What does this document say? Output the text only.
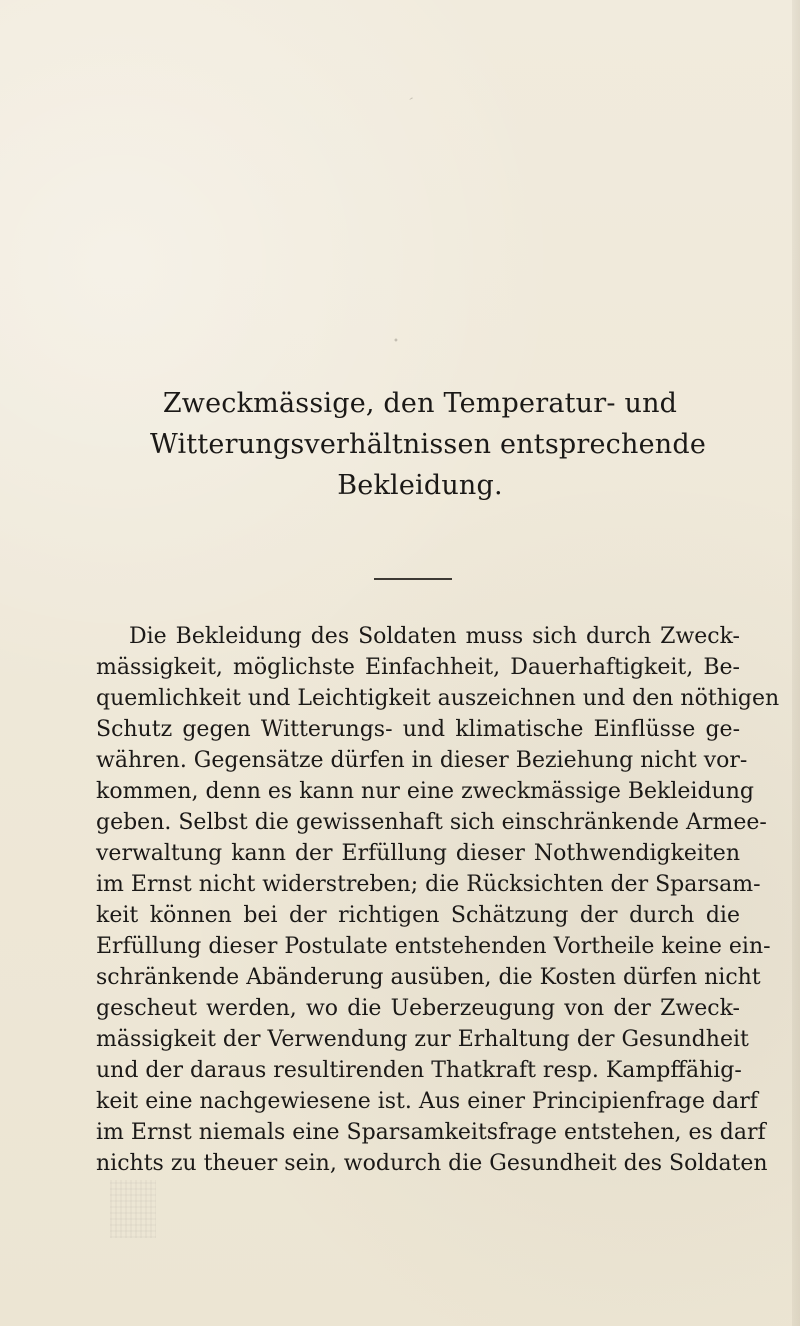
ˊ
•
Zweckmässige, den Temperatur- und
Witterungsverhältnissen entsprechende
Bekleidung.
Die Bekleidung des Soldaten muss sich durch Zweck-
mässigkeit, möglichste Einfachheit, Dauerhaftigkeit, Be-
quemlichkeit und Leichtigkeit auszeichnen und den nöthigen
Schutz gegen Witterungs- und klimatische Einflüsse ge-
währen. Gegensätze dürfen in dieser Beziehung nicht vor-
kommen, denn es kann nur eine zweckmässige Bekleidung
geben. Selbst die gewissenhaft sich einschränkende Armee-
verwaltung kann der Erfüllung dieser Nothwendigkeiten
im Ernst nicht widerstreben; die Rücksichten der Sparsam-
keit können bei der richtigen Schätzung der durch die
Erfüllung dieser Postulate entstehenden Vortheile keine ein-
schränkende Abänderung ausüben, die Kosten dürfen nicht
gescheut werden, wo die Ueberzeugung von der Zweck-
mässigkeit der Verwendung zur Erhaltung der Gesundheit
und der daraus resultirenden Thatkraft resp. Kampffähig-
keit eine nachgewiesene ist. Aus einer Principienfrage darf
im Ernst niemals eine Sparsamkeitsfrage entstehen, es darf
nichts zu theuer sein, wodurch die Gesundheit des Soldaten
